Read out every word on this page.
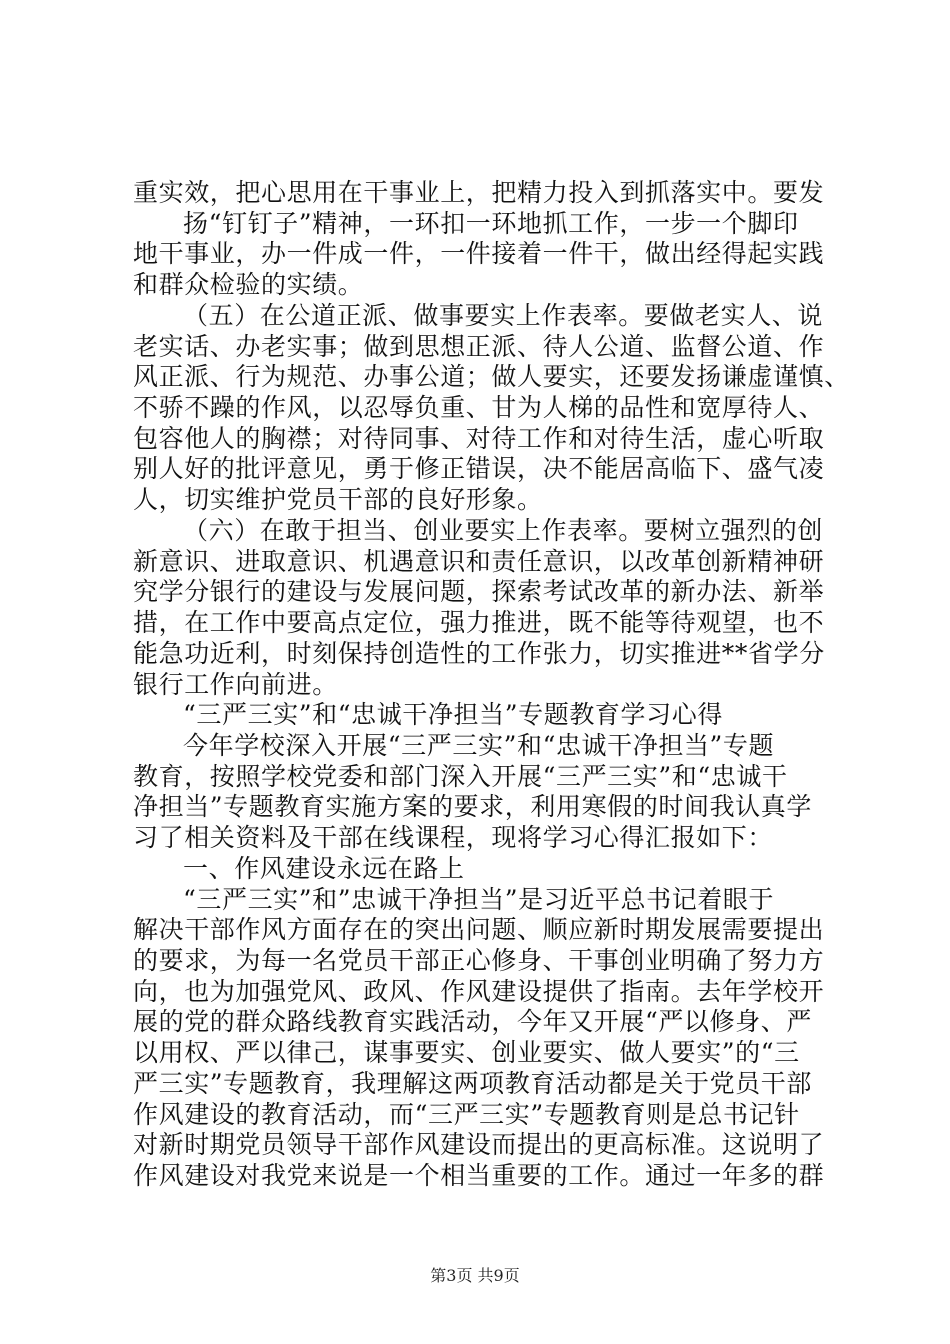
重实效，把心思用在干事业上，把精力投入到抓落实中。要发
扬“钉钉子”精神，一环扣一环地抓工作，一步一个脚印
地干事业，办一件成一件，一件接着一件干，做出经得起实践
和群众检验的实绩。
（五）在公道正派、做事要实上作表率。要做老实人、说
老实话、办老实事；做到思想正派、待人公道、监督公道、作
风正派、行为规范、办事公道；做人要实，还要发扬谦虚谨慎、
不骄不躁的作风，以忍辱负重、甘为人梯的品性和宽厚待人、
包容他人的胸襟；对待同事、对待工作和对待生活，虚心听取
别人好的批评意见，勇于修正错误，决不能居高临下、盛气凌
人，切实维护党员干部的良好形象。
（六）在敢于担当、创业要实上作表率。要树立强烈的创
新意识、进取意识、机遇意识和责任意识，以改革创新精神研
究学分银行的建设与发展问题，探索考试改革的新办法、新举
措，在工作中要高点定位，强力推进，既不能等待观望，也不
能急功近利，时刻保持创造性的工作张力，切实推进**省学分
银行工作向前进。
“三严三实”和“忠诚干净担当”专题教育学习心得
今年学校深入开展“三严三实”和“忠诚干净担当”专题
教育，按照学校党委和部门深入开展“三严三实”和“忠诚干
净担当”专题教育实施方案的要求，利用寒假的时间我认真学
习了相关资料及干部在线课程，现将学习心得汇报如下：
一、作风建设永远在路上
“三严三实”和”忠诚干净担当”是习近平总书记着眼于
解决干部作风方面存在的突出问题、顺应新时期发展需要提出
的要求，为每一名党员干部正心修身、干事创业明确了努力方
向，也为加强党风、政风、作风建设提供了指南。去年学校开
展的党的群众路线教育实践活动，今年又开展“严以修身、严
以用权、严以律己，谋事要实、创业要实、做人要实”的“三
严三实”专题教育，我理解这两项教育活动都是关于党员干部
作风建设的教育活动，而“三严三实”专题教育则是总书记针
对新时期党员领导干部作风建设而提出的更高标准。这说明了
作风建设对我党来说是一个相当重要的工作。通过一年多的群
第3页 共9页
